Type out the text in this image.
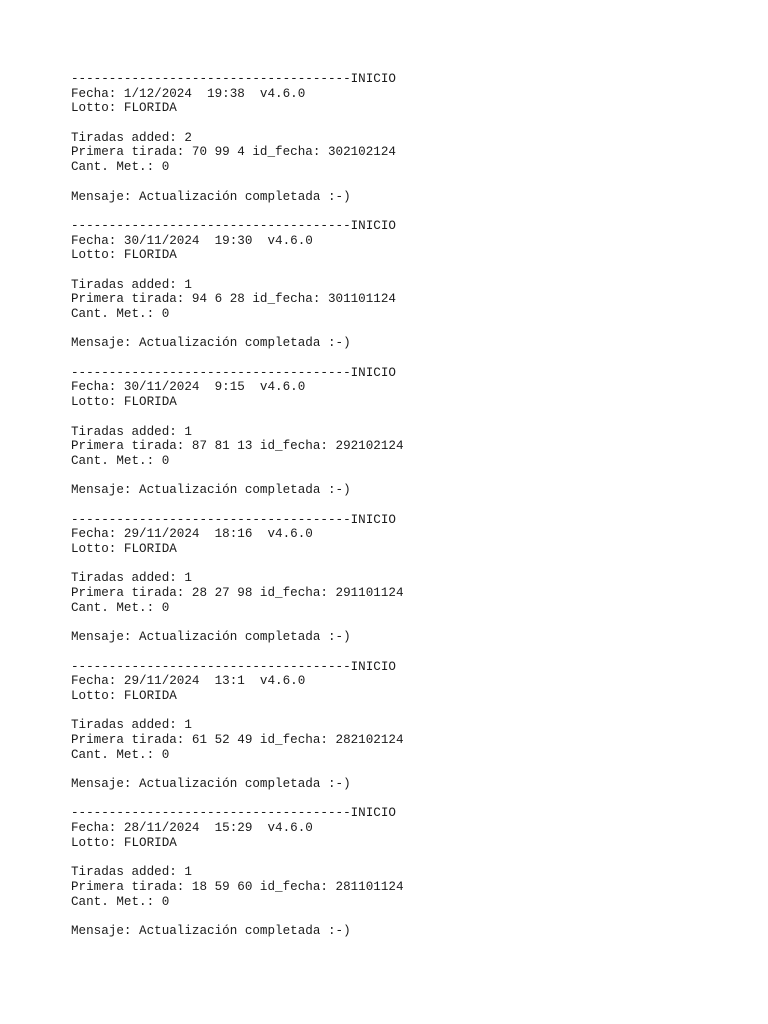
-------------------------------------INICIO
Fecha: 1/12/2024  19:38  v4.6.0
Lotto: FLORIDA
Tiradas added: 2
Primera tirada: 70 99 4 id_fecha: 302102124
Cant. Met.: 0
Mensaje: Actualización completada :-)
-------------------------------------INICIO
Fecha: 30/11/2024  19:30  v4.6.0
Lotto: FLORIDA
Tiradas added: 1
Primera tirada: 94 6 28 id_fecha: 301101124
Cant. Met.: 0
Mensaje: Actualización completada :-)
-------------------------------------INICIO
Fecha: 30/11/2024  9:15  v4.6.0
Lotto: FLORIDA
Tiradas added: 1
Primera tirada: 87 81 13 id_fecha: 292102124
Cant. Met.: 0
Mensaje: Actualización completada :-)
-------------------------------------INICIO
Fecha: 29/11/2024  18:16  v4.6.0
Lotto: FLORIDA
Tiradas added: 1
Primera tirada: 28 27 98 id_fecha: 291101124
Cant. Met.: 0
Mensaje: Actualización completada :-)
-------------------------------------INICIO
Fecha: 29/11/2024  13:1  v4.6.0
Lotto: FLORIDA
Tiradas added: 1
Primera tirada: 61 52 49 id_fecha: 282102124
Cant. Met.: 0
Mensaje: Actualización completada :-)
-------------------------------------INICIO
Fecha: 28/11/2024  15:29  v4.6.0
Lotto: FLORIDA
Tiradas added: 1
Primera tirada: 18 59 60 id_fecha: 281101124
Cant. Met.: 0
Mensaje: Actualización completada :-)
